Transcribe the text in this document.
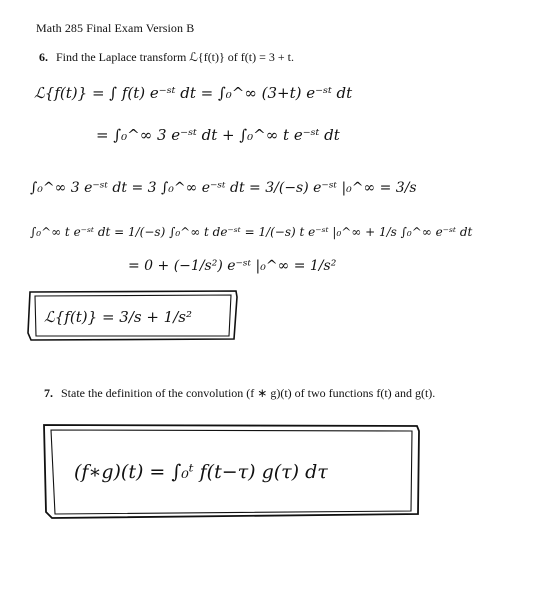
Math 285 Final Exam Version B
6. Find the Laplace transform ℒ{f(t)} of f(t) = 3 + t.
7. State the definition of the convolution (f ∗ g)(t) of two functions f(t) and g(t).
ℒ{f(t)} = ∫ f(t) e⁻ˢᵗ dt = ∫₀^∞ (3+t) e⁻ˢᵗ dt
= ∫₀^∞ 3 e⁻ˢᵗ dt + ∫₀^∞ t e⁻ˢᵗ dt
∫₀^∞ 3 e⁻ˢᵗ dt = 3 ∫₀^∞ e⁻ˢᵗ dt = 3/(−s) e⁻ˢᵗ |₀^∞ = 3/s
∫₀^∞ t e⁻ˢᵗ dt = 1/(−s) ∫₀^∞ t de⁻ˢᵗ = 1/(−s) t e⁻ˢᵗ |₀^∞ + 1/s ∫₀^∞ e⁻ˢᵗ dt
= 0 + (−1/s²) e⁻ˢᵗ |₀^∞ = 1/s²
ℒ{f(t)} = 3/s + 1/s²
(f∗g)(t) = ∫₀ᵗ f(t−τ) g(τ) dτ
